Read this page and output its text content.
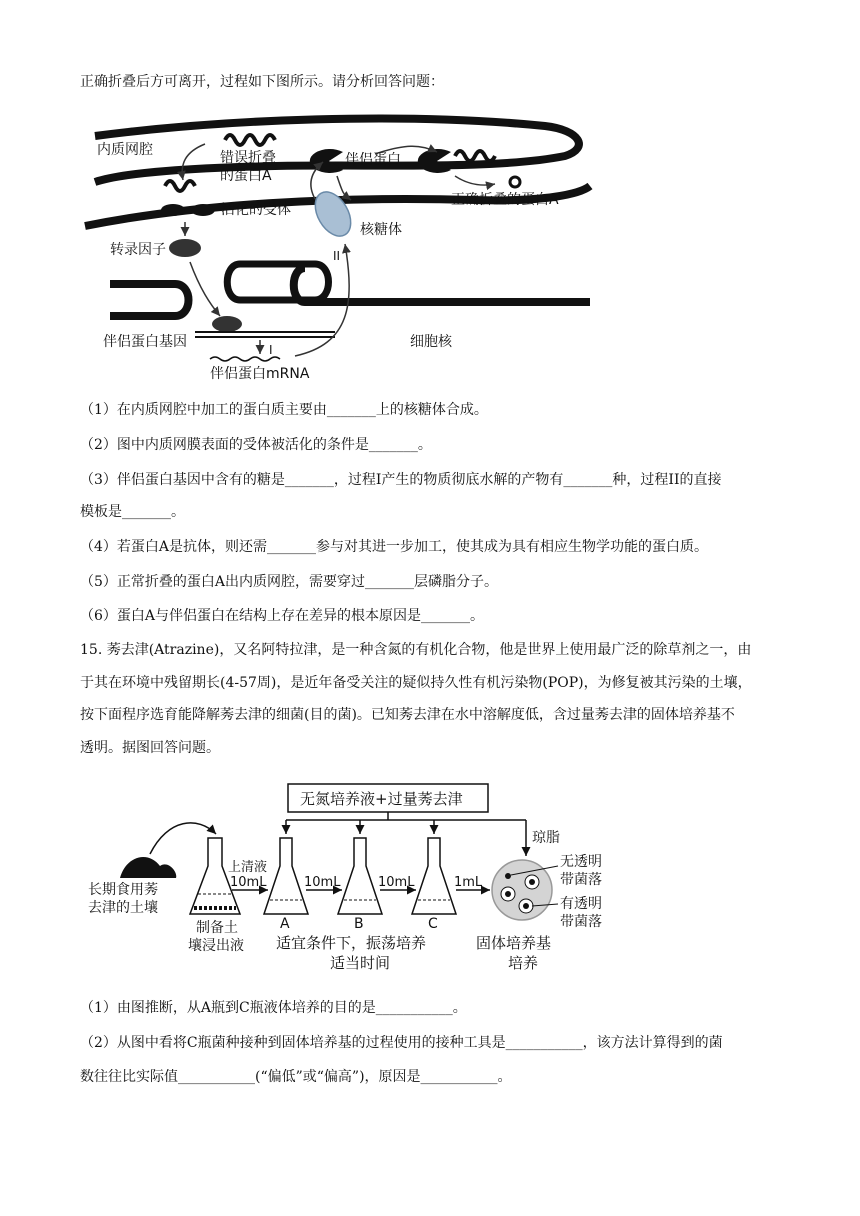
正确折叠后方可离开，过程如下图所示。请分析回答问题：
内质网腔	错误折叠
的蛋白A
伴侣蛋白
正确折叠的蛋白A
活化的受体
核糖体
II
转录因子
伴侣蛋白基因	I
伴侣蛋白mRNA
细胞核
（1）在内质网腔中加工的蛋白质主要由_______上的核糖体合成。
（2）图中内质网膜表面的受体被活化的条件是_______。
（3）伴侣蛋白基因中含有的糖是_______，过程I产生的物质彻底水解的产物有_______种，过程II的直接
模板是_______。
（4）若蛋白A是抗体，则还需_______参与对其进一步加工，使其成为具有相应生物学功能的蛋白质。
（5）正常折叠的蛋白A出内质网腔，需要穿过_______层磷脂分子。
（6）蛋白A与伴侣蛋白在结构上存在差异的根本原因是_______。
15. 莠去津(Atrazine)，又名阿特拉津，是一种含氮的有机化合物，他是世界上使用最广泛的除草剂之一，由
于其在环境中残留期长(4-57周)，是近年备受关注的疑似持久性有机污染物(POP)，为修复被其污染的土壤，
按下面程序选育能降解莠去津的细菌(目的菌)。已知莠去津在水中溶解度低，含过量莠去津的固体培养基不
透明。据图回答问题。
无氮培养液+过量莠去津
琼脂
长期食用莠
去津的土壤
制备土
壤浸出液
上清液
10mL
A
10mL
B
10mL
C
1mL
适宜条件下，振荡培养
适当时间
无透明
带菌落
有透明
带菌落
固体培养基
培养
（1）由图推断，从A瓶到C瓶液体培养的目的是___________。
（2）从图中看将C瓶菌种接种到固体培养基的过程使用的接种工具是___________，该方法计算得到的菌
数往往比实际值___________(“偏低”或“偏高”)，原因是___________。
